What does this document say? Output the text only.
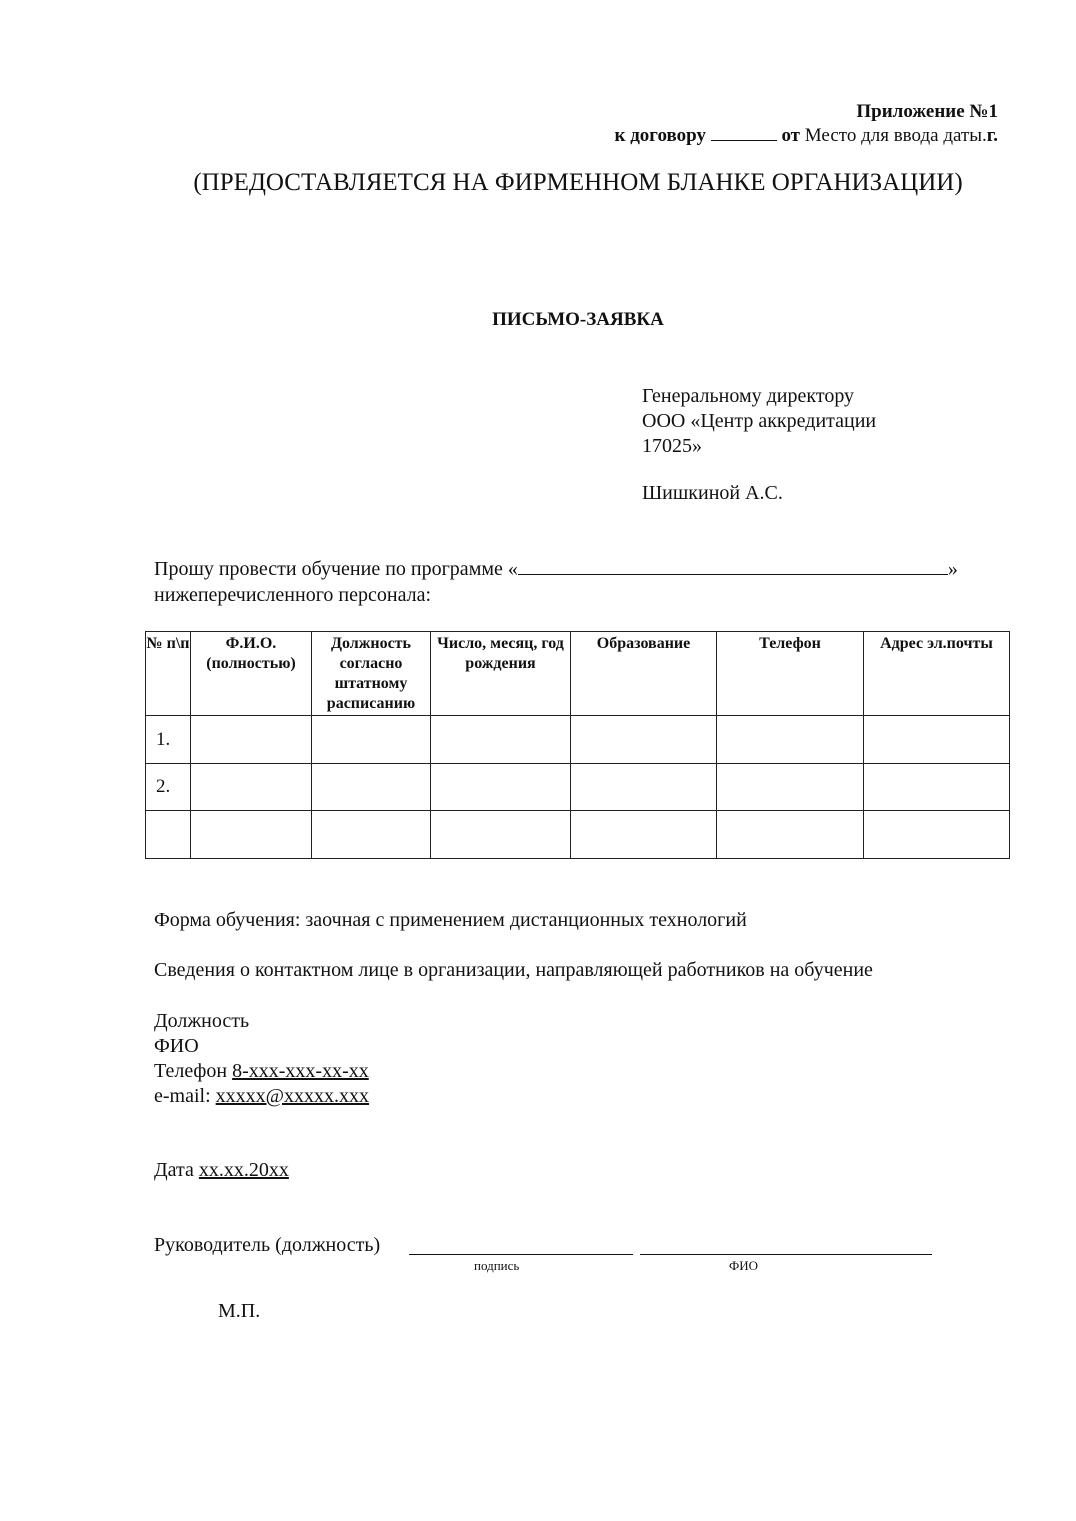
Приложение №1
к договору	от Место для ввода даты.г.
(ПРЕДОСТАВЛЯЕТСЯ НА ФИРМЕННОМ БЛАНКЕ ОРГАНИЗАЦИИ)
ПИСЬМО-ЗАЯВКА
Генеральному директору
ООО «Центр аккредитации
17025»
Шишкиной А.С.
Прошу провести обучение по программе «	»
нижеперечисленного персонала:
№ п\п	Ф.И.О. (полностью)	Должность согласно штатному расписанию	Число, месяц, год рождения	Образование	Телефон	Адрес эл.почты
1.						
2.						

Форма обучения: заочная с применением дистанционных технологий
Сведения о контактном лице в организации, направляющей работников на обучение
Должность
ФИО
Телефон 8-ххх-ххх-хх-хх
e-mail: ххххх@ххххх.ххх
Дата хх.хх.20хх
Руководитель (должность)
подпись	ФИО
М.П.
